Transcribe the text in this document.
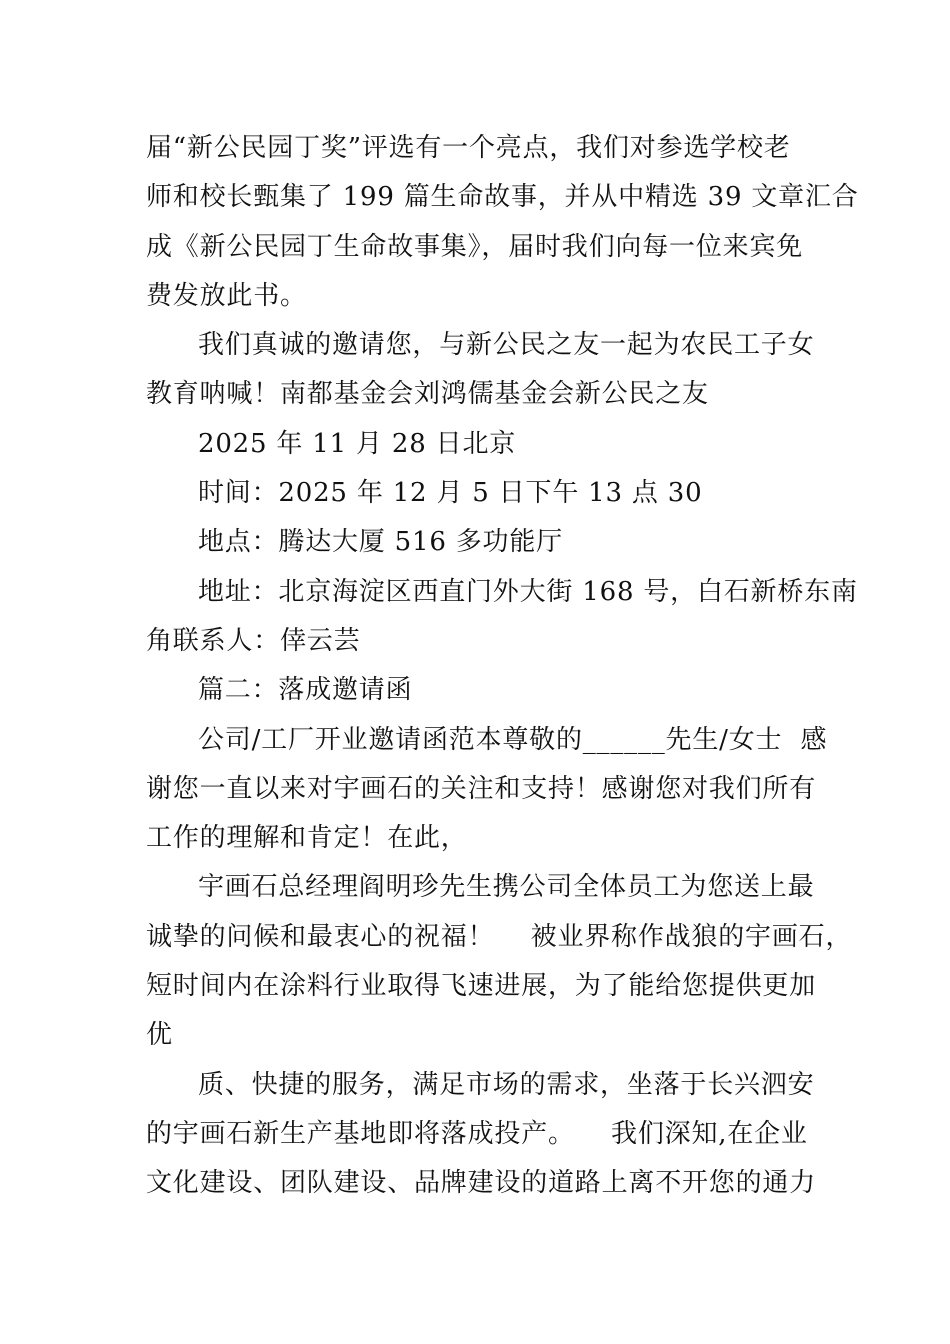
届“新公民园丁奖”评选有一个亮点，我们对参选学校老
师和校长甄集了 199 篇生命故事，并从中精选 39 文章汇合
成《新公民园丁生命故事集》，届时我们向每一位来宾免
费发放此书。
我们真诚的邀请您，与新公民之友一起为农民工子女
教育呐喊！南都基金会刘鸿儒基金会新公民之友
2025 年 11 月 28 日北京
时间：2025 年 12 月 5 日下午 13 点 30
地点：腾达大厦 516 多功能厅
地址：北京海淀区西直门外大街 168 号，白石新桥东南
角联系人：倖云芸
篇二：落成邀请函
公司/工厂开业邀请函范本尊敬的______先生/女士  感
谢您一直以来对宇画石的关注和支持！感谢您对我们所有
工作的理解和肯定！在此，
宇画石总经理阎明珍先生携公司全体员工为您送上最
诚挚的问候和最衷心的祝福！    被业界称作战狼的宇画石，
短时间内在涂料行业取得飞速进展，为了能给您提供更加
优
质、快捷的服务，满足市场的需求，坐落于长兴泗安
的宇画石新生产基地即将落成投产。    我们深知,在企业
文化建设、团队建设、品牌建设的道路上离不开您的通力
